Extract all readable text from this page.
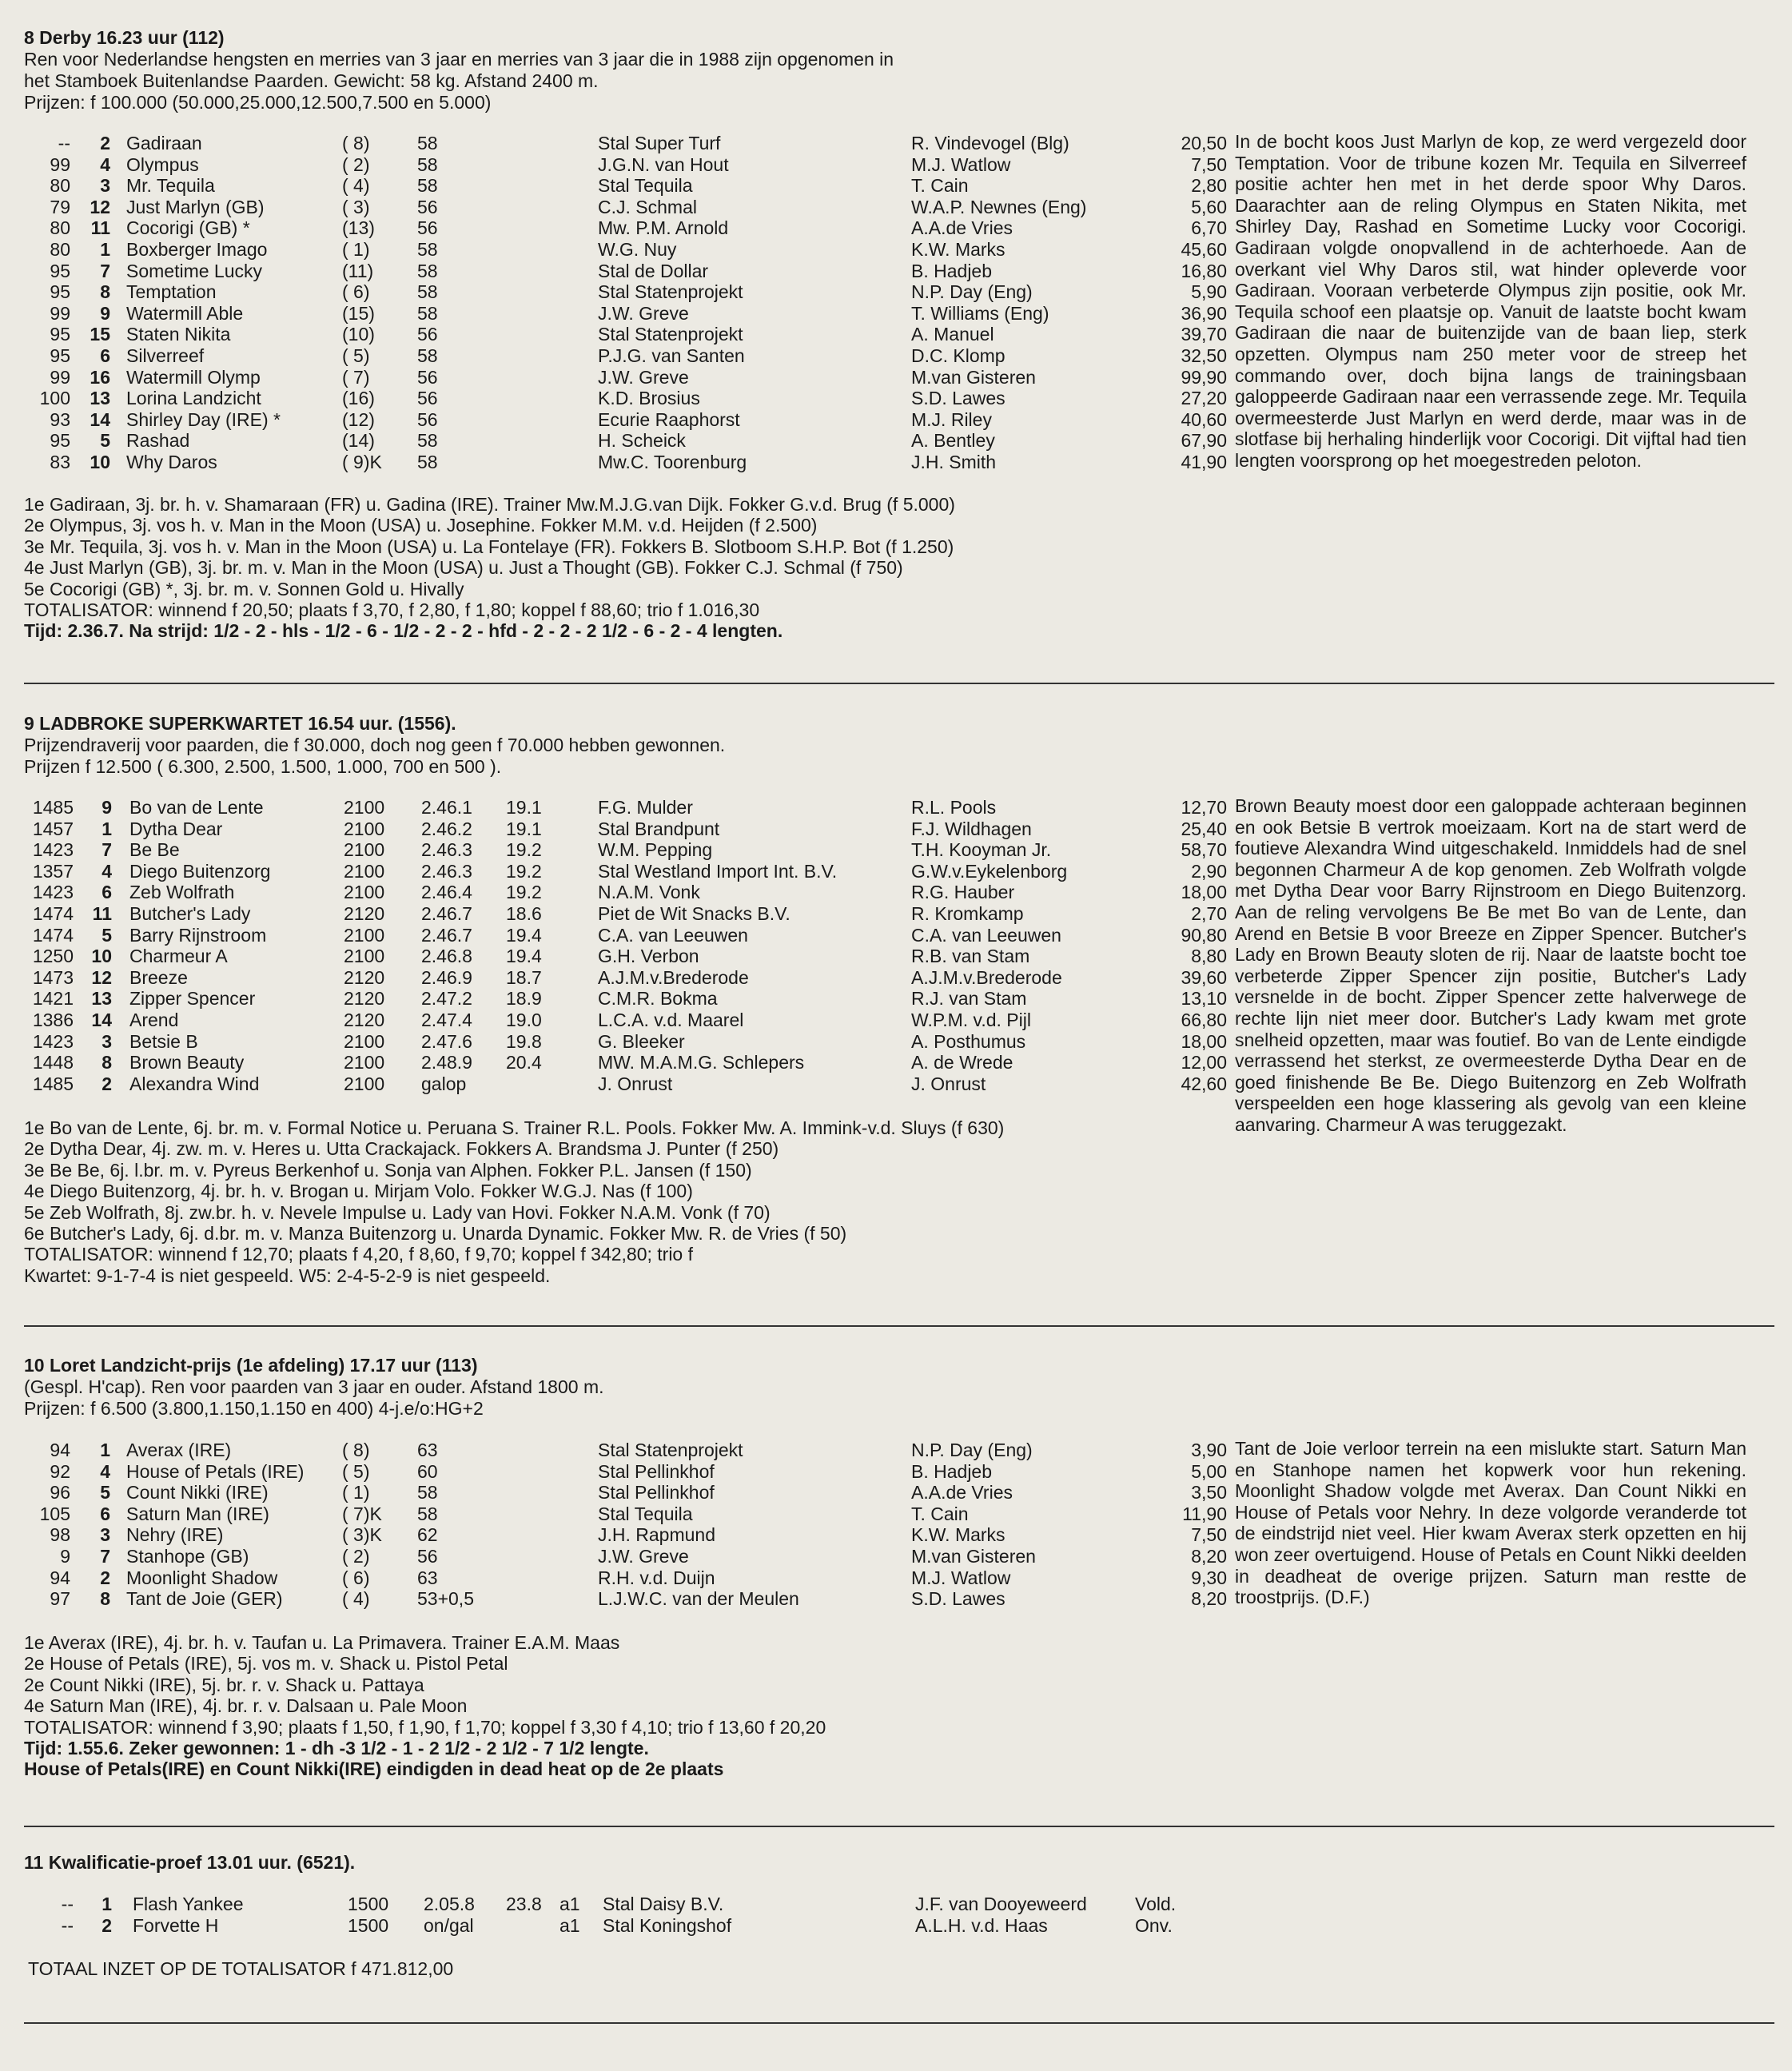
8 Derby 16.23 uur (112)
Ren voor Nederlandse hengsten en merries van 3 jaar en merries van 3 jaar die in 1988 zijn opgenomen in
het Stamboek Buitenlandse Paarden. Gewicht: 58 kg. Afstand 2400 m.
Prijzen: f 100.000 (50.000,25.000,12.500,7.500 en 5.000)
--	2 Gadiraan	( 8)	58	Stal Super Turf	R. Vindevogel (Blg)	20,50
99	4 Olympus	( 2)	58	J.G.N. van Hout	M.J. Watlow	7,50
80	3 Mr. Tequila	( 4)	58	Stal Tequila	T. Cain	2,80
79	12 Just Marlyn (GB)	( 3)	56	C.J. Schmal	W.A.P. Newnes (Eng)	5,60
80	11 Cocorigi (GB) *	(13) 56	Mw. P.M. Arnold	A.A.de Vries	6,70
80	1 Boxberger Imago	( 1)	58	W.G. Nuy	K.W. Marks	45,60
95	7 Sometime Lucky	(11) 58	Stal de Dollar	B. Hadjeb	16,80
95	8 Temptation	( 6)	58	Stal Statenprojekt	N.P. Day (Eng)	5,90
99	9 Watermill Able	(15) 58	J.W. Greve	T. Williams (Eng)	36,90
95	15 Staten Nikita	(10) 56	Stal Statenprojekt	A. Manuel	39,70
95	6 Silverreef	( 5)	58	P.J.G. van Santen	D.C. Klomp	32,50
99	16 Watermill Olymp	( 7)	56	J.W. Greve	M.van Gisteren	99,90
100	13 Lorina Landzicht	(16) 56	K.D. Brosius	S.D. Lawes	27,20
93	14 Shirley Day (IRE) *	(12) 56	Ecurie Raaphorst	M.J. Riley	40,60
95	5 Rashad	(14) 58	H. Scheick	A. Bentley	67,90
83	10 Why Daros	( 9)K 58	Mw.C. Toorenburg	J.H. Smith	41,90
In de bocht koos Just Marlyn de kop, ze werd vergezeld door Temptation. Voor de tribune kozen Mr. Tequila en Silverreef positie achter hen met in het derde spoor Why Daros. Daarachter aan de reling Olympus en Staten Nikita, met Shirley Day, Rashad en Sometime Lucky voor Cocorigi. Gadiraan volgde onopvallend in de achterhoede. Aan de overkant viel Why Daros stil, wat hinder opleverde voor Gadiraan. Vooraan verbeterde Olympus zijn positie, ook Mr. Tequila schoof een plaatsje op. Vanuit de laatste bocht kwam Gadiraan die naar de buitenzijde van de baan liep, sterk opzetten. Olympus nam 250 meter voor de streep het commando over, doch bijna langs de trainingsbaan galoppeerde Gadiraan naar een verrassende zege. Mr. Tequila overmeesterde Just Marlyn en werd derde, maar was in de slotfase bij herhaling hinderlijk voor Cocorigi. Dit vijftal had tien lengten voorsprong op het moegestreden peloton.
1e Gadiraan, 3j. br. h. v. Shamaraan (FR) u. Gadina (IRE). Trainer Mw.M.J.G.van Dijk. Fokker G.v.d. Brug (f 5.000)
2e Olympus, 3j. vos h. v. Man in the Moon (USA) u. Josephine. Fokker M.M. v.d. Heijden (f 2.500)
3e Mr. Tequila, 3j. vos h. v. Man in the Moon (USA) u. La Fontelaye (FR). Fokkers B. Slotboom S.H.P. Bot (f 1.250)
4e Just Marlyn (GB), 3j. br. m. v. Man in the Moon (USA) u. Just a Thought (GB). Fokker C.J. Schmal (f 750)
5e Cocorigi (GB) *, 3j. br. m. v. Sonnen Gold u. Hivally
TOTALISATOR: winnend f 20,50; plaats f 3,70, f 2,80, f 1,80; koppel f 88,60; trio f 1.016,30
Tijd: 2.36.7. Na strijd: 1/2 - 2 - hls - 1/2 - 6 - 1/2 - 2 - 2 - hfd - 2 - 2 - 2 1/2 - 6 - 2 - 4 lengten.
9 LADBROKE SUPERKWARTET 16.54 uur. (1556).
Prijzendraverij voor paarden, die f 30.000, doch nog geen f 70.000 hebben gewonnen.
Prijzen f 12.500 ( 6.300, 2.500, 1.500, 1.000, 700 en 500 ).
1485	9 Bo van de Lente	2100 2.46.1 19.1	F.G. Mulder	R.L. Pools	12,70
1457	1 Dytha Dear	2100 2.46.2 19.1	Stal Brandpunt	F.J. Wildhagen	25,40
1423	7 Be Be	2100 2.46.3 19.2	W.M. Pepping	T.H. Kooyman Jr.	58,70
1357	4 Diego Buitenzorg	2100 2.46.3 19.2	Stal Westland Import Int. B.V.	G.W.v.Eykelenborg	2,90
1423	6 Zeb Wolfrath	2100 2.46.4 19.2	N.A.M. Vonk	R.G. Hauber	18,00
1474	11 Butcher's Lady	2120 2.46.7 18.6	Piet de Wit Snacks B.V.	R. Kromkamp	2,70
1474	5 Barry Rijnstroom	2100 2.46.7 19.4	C.A. van Leeuwen	C.A. van Leeuwen	90,80
1250 10 Charmeur A	2100 2.46.8 19.4	G.H. Verbon	R.B. van Stam	8,80
1473 12 Breeze	2120 2.46.9 18.7	A.J.M.v.Brederode	A.J.M.v.Brederode	39,60
1421 13 Zipper Spencer	2120 2.47.2 18.9	C.M.R. Bokma	R.J. van Stam	13,10
1386 14 Arend	2120 2.47.4 19.0	L.C.A. v.d. Maarel	W.P.M. v.d. Pijl	66,80
1423	3 Betsie B	2100 2.47.6 19.8	G. Bleeker	A. Posthumus	18,00
1448	8 Brown Beauty	2100 2.48.9 20.4	MW. M.A.M.G. Schlepers	A. de Wrede	12,00
1485	2 Alexandra Wind	2100 galop	J. Onrust	J. Onrust	42,60
Brown Beauty moest door een galoppade achteraan beginnen en ook Betsie B vertrok moeizaam. Kort na de start werd de foutieve Alexandra Wind uitgeschakeld. Inmiddels had de snel begonnen Charmeur A de kop genomen. Zeb Wolfrath volgde met Dytha Dear voor Barry Rijnstroom en Diego Buitenzorg. Aan de reling vervolgens Be Be met Bo van de Lente, dan Arend en Betsie B voor Breeze en Zipper Spencer. Butcher's Lady en Brown Beauty sloten de rij. Naar de laatste bocht toe verbeterde Zipper Spencer zijn positie, Butcher's Lady versnelde in de bocht. Zipper Spencer zette halverwege de rechte lijn niet meer door. Butcher's Lady kwam met grote snelheid opzetten, maar was foutief. Bo van de Lente eindigde verrassend het sterkst, ze overmeesterde Dytha Dear en de goed finishende Be Be. Diego Buitenzorg en Zeb Wolfrath verspeelden een hoge klassering als gevolg van een kleine aanvaring. Charmeur A was teruggezakt.
1e Bo van de Lente, 6j. br. m. v. Formal Notice u. Peruana S. Trainer R.L. Pools. Fokker Mw. A. Immink-v.d. Sluys (f 630)
2e Dytha Dear, 4j. zw. m. v. Heres u. Utta Crackajack. Fokkers A. Brandsma J. Punter (f 250)
3e Be Be, 6j. l.br. m. v. Pyreus Berkenhof u. Sonja van Alphen. Fokker P.L. Jansen (f 150)
4e Diego Buitenzorg, 4j. br. h. v. Brogan u. Mirjam Volo. Fokker W.G.J. Nas (f 100)
5e Zeb Wolfrath, 8j. zw.br. h. v. Nevele Impulse u. Lady van Hovi. Fokker N.A.M. Vonk (f 70)
6e Butcher's Lady, 6j. d.br. m. v. Manza Buitenzorg u. Unarda Dynamic. Fokker Mw. R. de Vries (f 50)
TOTALISATOR: winnend f 12,70; plaats f 4,20, f 8,60, f 9,70; koppel f 342,80; trio f
Kwartet: 9-1-7-4 is niet gespeeld. W5: 2-4-5-2-9 is niet gespeeld.
10 Loret Landzicht-prijs (1e afdeling) 17.17 uur (113)
(Gespl. H'cap). Ren voor paarden van 3 jaar en ouder. Afstand 1800 m.
Prijzen: f 6.500 (3.800,1.150,1.150 en 400) 4-j.e/o:HG+2
94	1 Averax (IRE)	( 8)	63	Stal Statenprojekt	N.P. Day (Eng)	3,90
92	4 House of Petals (IRE) ( 5)	60	Stal Pellinkhof	B. Hadjeb	5,00
96	5 Count Nikki (IRE)	( 1)	58	Stal Pellinkhof	A.A.de Vries	3,50
105	6 Saturn Man (IRE)	( 7)K 58	Stal Tequila	T. Cain	11,90
98	3 Nehry (IRE)	( 3)K 62	J.H. Rapmund	K.W. Marks	7,50
9	7 Stanhope (GB)	( 2)	56	J.W. Greve	M.van Gisteren	8,20
94	2 Moonlight Shadow	( 6)	63	R.H. v.d. Duijn	M.J. Watlow	9,30
97	8 Tant de Joie (GER)	( 4)	53+0,5	L.J.W.C. van der Meulen	S.D. Lawes	8,20
Tant de Joie verloor terrein na een mislukte start. Saturn Man en Stanhope namen het kopwerk voor hun rekening. Moonlight Shadow volgde met Averax. Dan Count Nikki en House of Petals voor Nehry. In deze volgorde veranderde tot de eindstrijd niet veel. Hier kwam Averax sterk opzetten en hij won zeer overtuigend. House of Petals en Count Nikki deelden in deadheat de overige prijzen. Saturn man restte de troostprijs. (D.F.)
1e Averax (IRE), 4j. br. h. v. Taufan u. La Primavera. Trainer E.A.M. Maas
2e House of Petals (IRE), 5j. vos m. v. Shack u. Pistol Petal
2e Count Nikki (IRE), 5j. br. r. v. Shack u. Pattaya
4e Saturn Man (IRE), 4j. br. r. v. Dalsaan u. Pale Moon
TOTALISATOR: winnend f 3,90; plaats f 1,50, f 1,90, f 1,70; koppel f 3,30 f 4,10; trio f 13,60 f 20,20
Tijd: 1.55.6. Zeker gewonnen: 1 - dh -3 1/2 - 1 - 2 1/2 - 2 1/2 - 7 1/2 lengte.
House of Petals(IRE) en Count Nikki(IRE) eindigden in dead heat op de 2e plaats
11 Kwalificatie-proef 13.01 uur. (6521).
--	1 Flash Yankee	1500 2.05.8 23.8 a1 Stal Daisy B.V.	J.F. van Dooyeweerd	Vold.
--	2 Forvette H	1500 on/gal	a1 Stal Koningshof	A.L.H. v.d. Haas	Onv.
TOTAAL INZET OP DE TOTALISATOR f 471.812,00
